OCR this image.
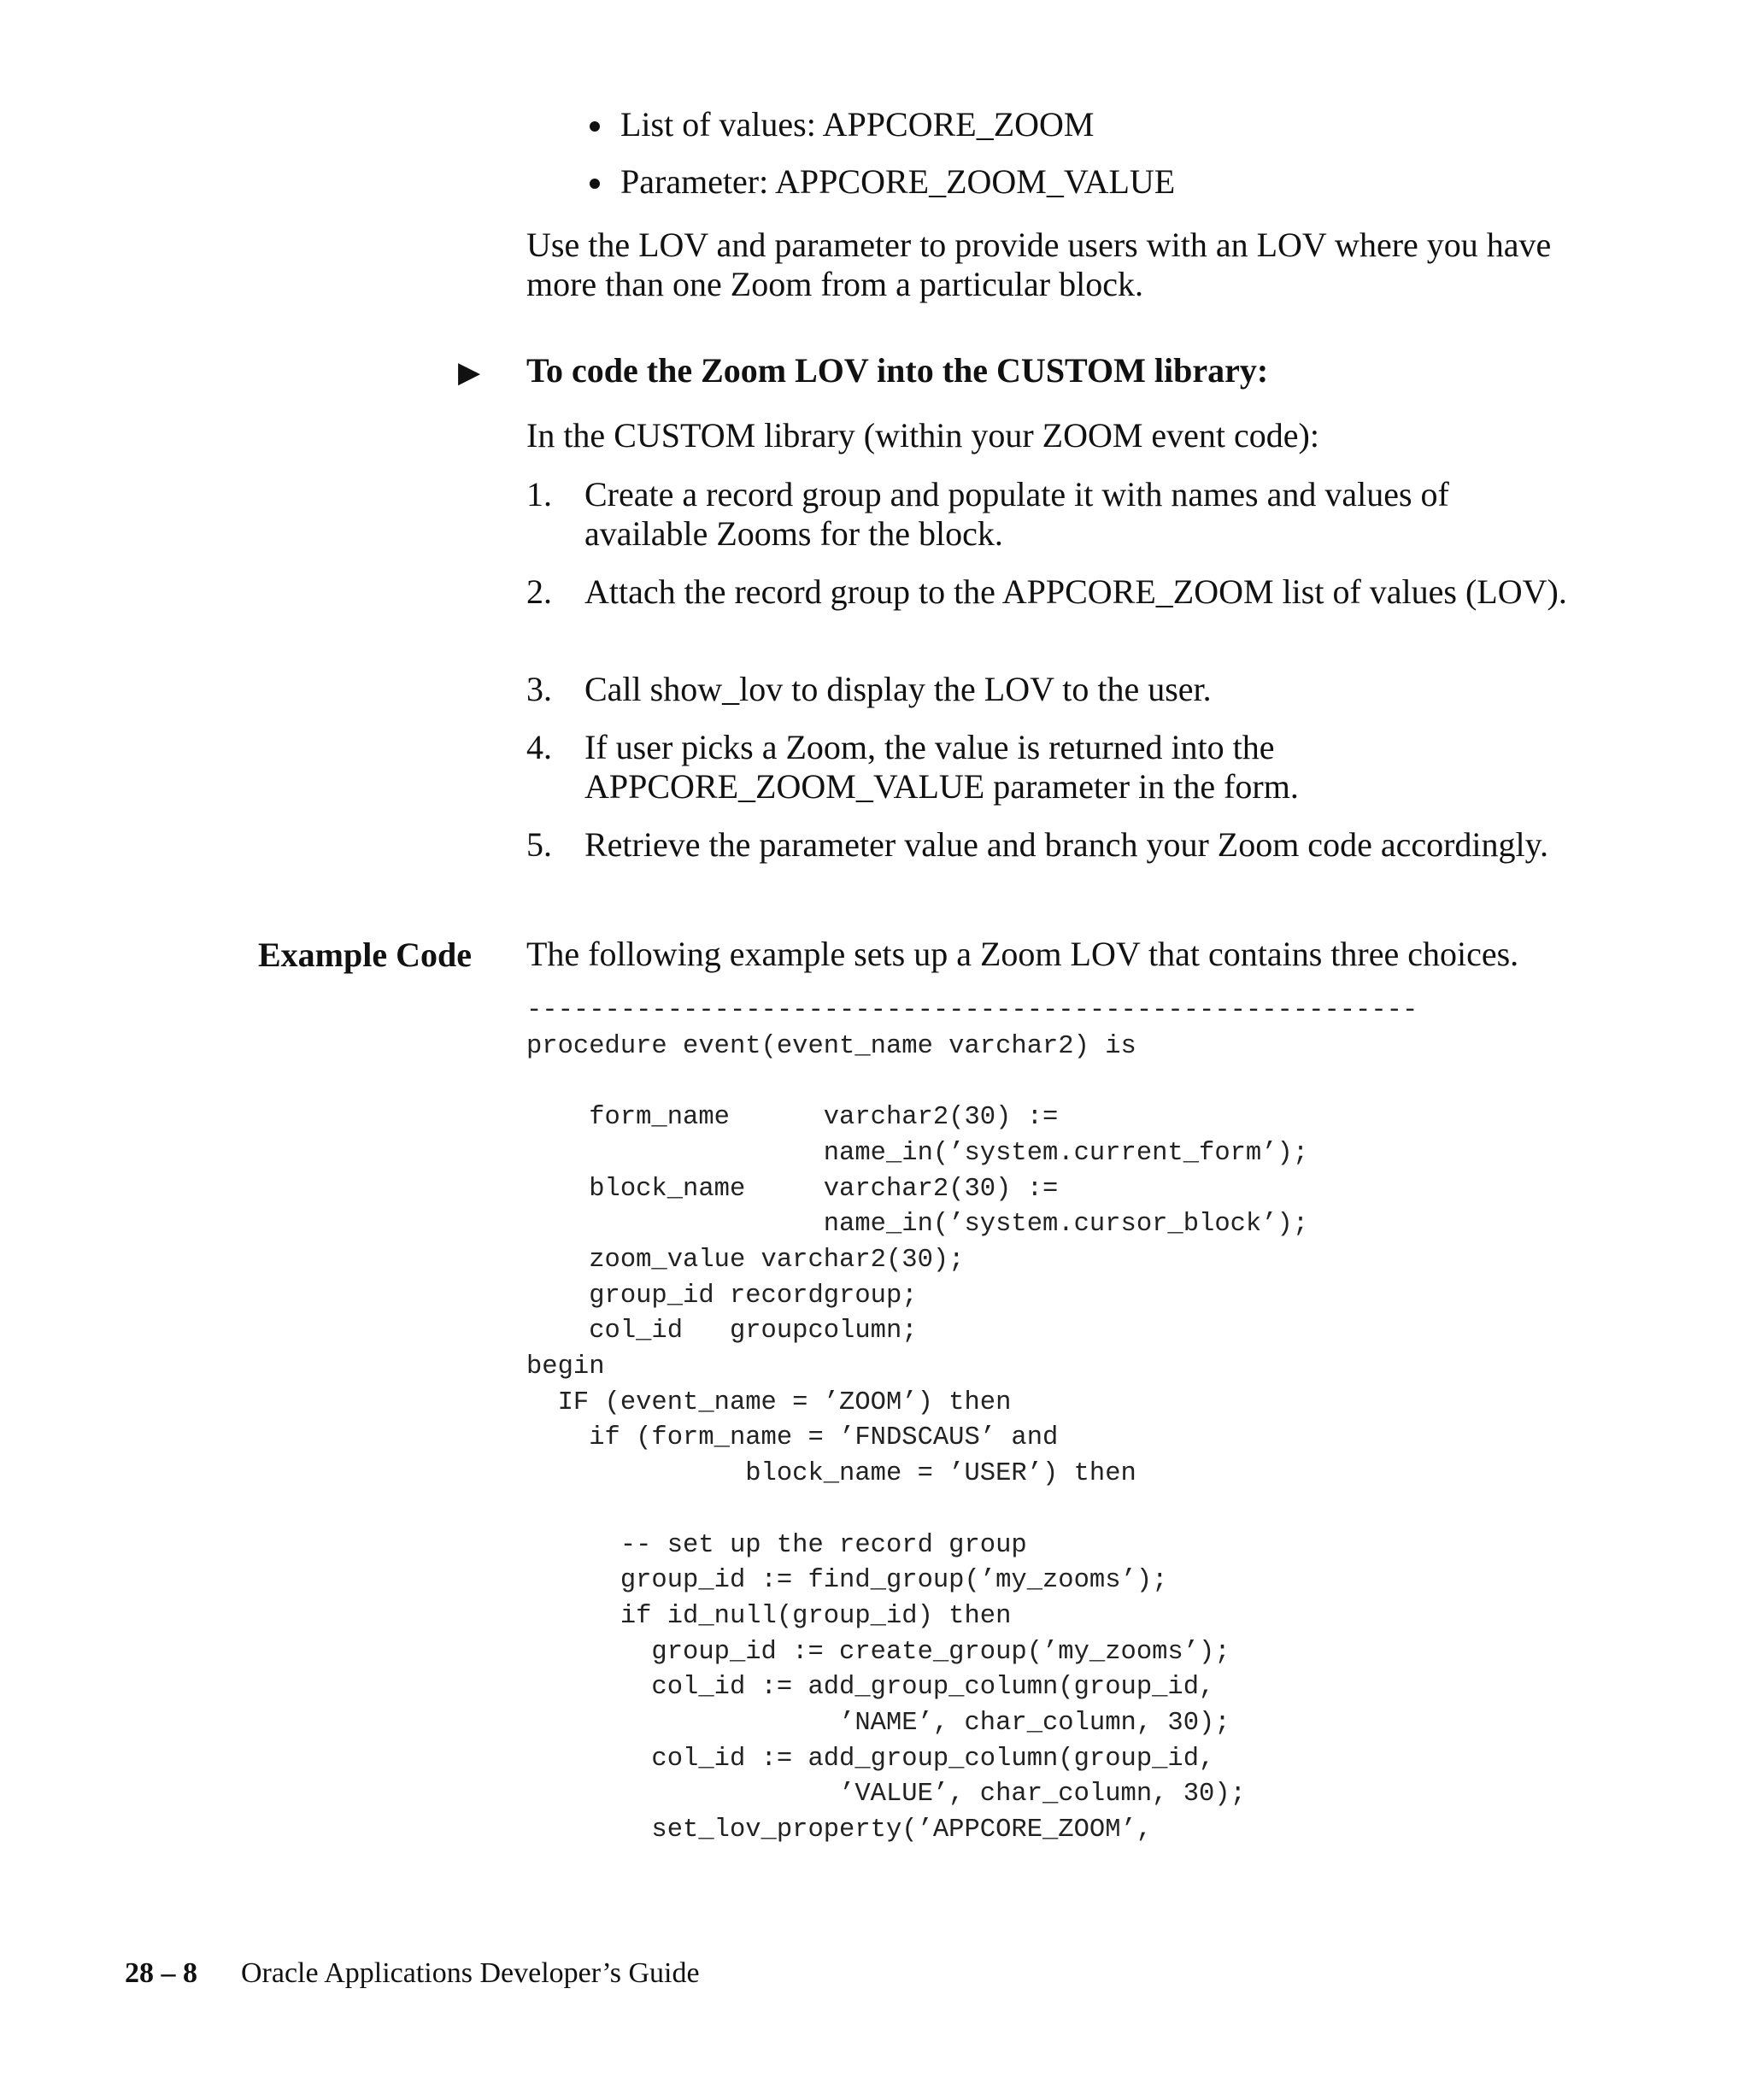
List of values: APPCORE_ZOOM
Parameter: APPCORE_ZOOM_VALUE

Use the LOV and parameter to provide users with an LOV where you have more than one Zoom from a particular block.

▶ To code the Zoom LOV into the CUSTOM library:

In the CUSTOM library (within your ZOOM event code):

1. Create a record group and populate it with names and values of available Zooms for the block.
2. Attach the record group to the APPCORE_ZOOM list of values (LOV).
3. Call show_lov to display the LOV to the user.
4. If user picks a Zoom, the value is returned into the APPCORE_ZOOM_VALUE parameter in the form.
5. Retrieve the parameter value and branch your Zoom code accordingly.
Example Code The following example sets up a Zoom LOV that contains three choices.

---------------------------------------------------------
procedure event(event_name varchar2) is

form_name      varchar2(30) :=
name_in(’system.current_form’);
block_name     varchar2(30) :=
name_in(’system.cursor_block’);
zoom_value varchar2(30);
group_id recordgroup;
col_id   groupcolumn;
begin
IF (event_name = ’ZOOM’) then
if (form_name = ’FNDSCAUS’ and
block_name = ’USER’) then

-- set up the record group
group_id := find_group(’my_zooms’);
if id_null(group_id) then
group_id := create_group(’my_zooms’);
col_id := add_group_column(group_id,
’NAME’, char_column, 30);
col_id := add_group_column(group_id,
’VALUE’, char_column, 30);
set_lov_property(’APPCORE_ZOOM’,
28 – 8 Oracle Applications Developer’s Guide
